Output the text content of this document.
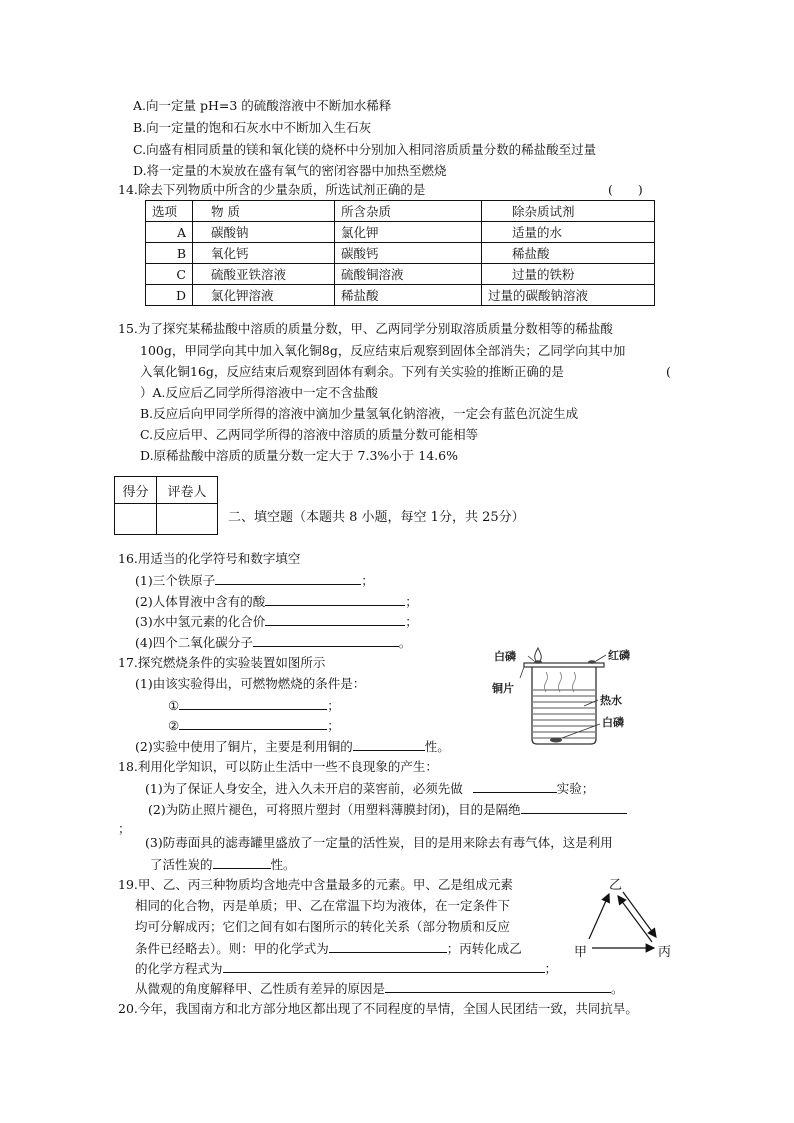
A.向一定量 pH=3 的硫酸溶液中不断加水稀释
B.向一定量的饱和石灰水中不断加入生石灰
C.向盛有相同质量的镁和氧化镁的烧杯中分别加入相同溶质质量分数的稀盐酸至过量
D.将一定量的木炭放在盛有氧气的密闭容器中加热至燃烧
14.除去下列物质中所含的少量杂质，所选试剂正确的是	(　　)
选项	物 质	所含杂质	除杂质试剂
A	碳酸钠	氯化钾	适量的水
B	氧化钙	碳酸钙	稀盐酸
C	硫酸亚铁溶液	硫酸铜溶液	过量的铁粉
D	氯化钾溶液	稀盐酸	过量的碳酸钠溶液
15.为了探究某稀盐酸中溶质的质量分数，甲、乙两同学分别取溶质质量分数相等的稀盐酸
100g，甲同学向其中加入氧化铜8g，反应结束后观察到固体全部消失；乙同学向其中加
入氧化铜16g，反应结束后观察到固体有剩余。下列有关实验的推断正确的是	(
）A.反应后乙同学所得溶液中一定不含盐酸
B.反应后向甲同学所得的溶液中滴加少量氢氧化钠溶液，一定会有蓝色沉淀生成
C.反应后甲、乙两同学所得的溶液中溶质的质量分数可能相等
D.原稀盐酸中溶质的质量分数一定大于 7.3%小于 14.6%
得分	评卷人

二、填空题（本题共 8 小题，每空 1分，共 25分）
16.用适当的化学符号和数字填空
(1)三个铁原子	；
(2)人体胃液中含有的酸	；
(3)水中氢元素的化合价	；
(4)四个二氧化碳分子	。
17.探究燃烧条件的实验装置如图所示
(1)由该实验得出，可燃物燃烧的条件是：
①	；
②	；
(2)实验中使用了铜片，主要是利用铜的	性。
白磷	红磷
铜片
热水
白磷
18.利用化学知识，可以防止生活中一些不良现象的产生：
(1)为了保证人身安全，进入久未开启的菜窖前，必须先做	实验；
(2)为防止照片褪色，可将照片塑封（用塑料薄膜封闭)，目的是隔绝
；
(3)防毒面具的滤毒罐里盛放了一定量的活性炭，目的是用来除去有毒气体，这是利用
了活性炭的	性。
19.甲、乙、丙三种物质均含地壳中含量最多的元素。甲、乙是组成元素
相同的化合物，丙是单质；甲、乙在常温下均为液体，在一定条件下
均可分解成丙；它们之间有如右图所示的转化关系（部分物质和反应
条件已经略去）。则：甲的化学式为	；丙转化成乙
的化学方程式为	；
从微观的角度解释甲、乙性质有差异的原因是	。
乙
甲	丙
20.今年，我国南方和北方部分地区都出现了不同程度的旱情，全国人民团结一致，共同抗旱。
